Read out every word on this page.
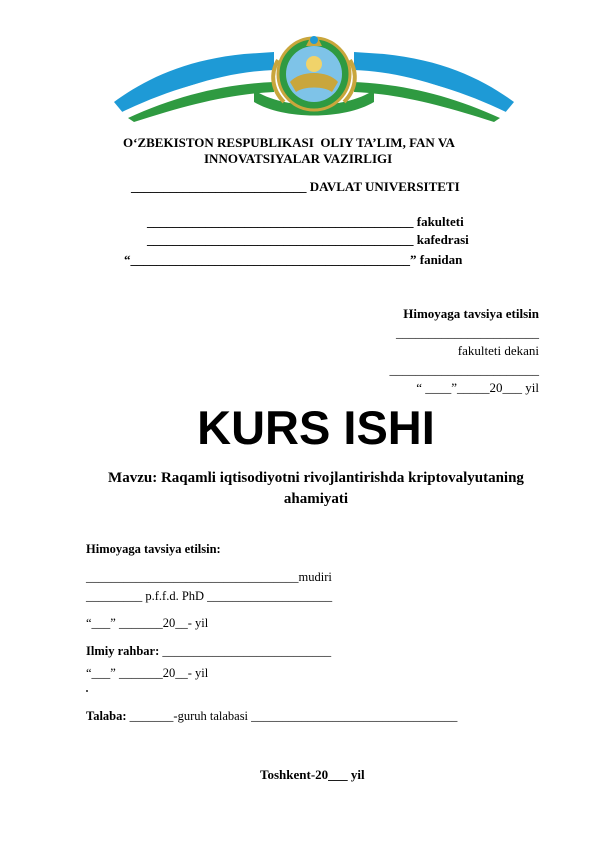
O‘ZBEKISTON RESPUBLIKASI  OLIY TA’LIM, FAN VA
INNOVATSIYALAR VAZIRLIGI
___________________________ DAVLAT UNIVERSITETI
_________________________________________ fakulteti
_________________________________________ kafedrasi
“___________________________________________” fanidan
Himoyaga tavsiya etilsin
______________________
fakulteti dekani
_______________________
“ ____”_____20___ yil
KURS ISHI
Mavzu: Raqamli iqtisodiyotni rivojlantirishda kriptovalyutaning ahamiyati
Himoyaga tavsiya etilsin:
__________________________________mudiri
_________ p.f.f.d. PhD ____________________
“___” _______20__- yil
Ilmiy rahbar: ___________________________
“___” _______20__- yil
Talaba: _______-guruh talabasi _________________________________
Toshkent-20___ yil
